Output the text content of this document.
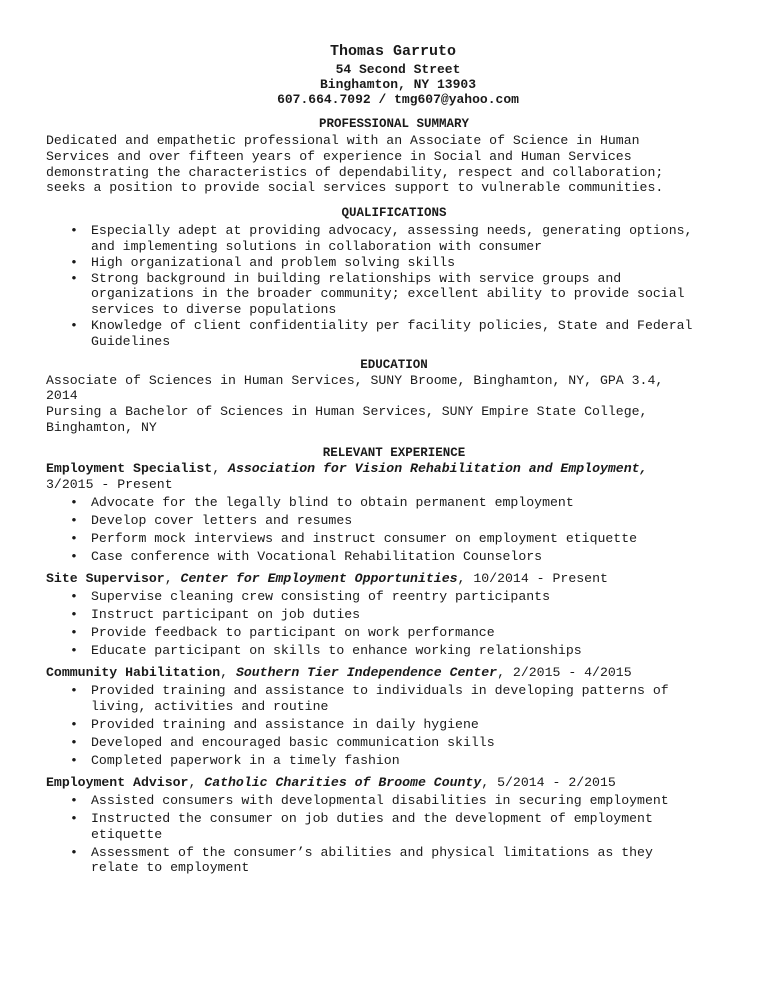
Thomas Garruto
54 Second Street
Binghamton, NY 13903
607.664.7092 / tmg607@yahoo.com
PROFESSIONAL SUMMARY
Dedicated and empathetic professional with an Associate of Science in Human
Services and over fifteen years of experience in Social and Human Services
demonstrating the characteristics of dependability, respect and collaboration;
seeks a position to provide social services support to vulnerable communities.
QUALIFICATIONS
• Especially adept at providing advocacy, assessing needs, generating options,
and implementing solutions in collaboration with consumer
• High organizational and problem solving skills
• Strong background in building relationships with service groups and
organizations in the broader community; excellent ability to provide social
services to diverse populations
• Knowledge of client confidentiality per facility policies, State and Federal
Guidelines
EDUCATION
Associate of Sciences in Human Services, SUNY Broome, Binghamton, NY, GPA 3.4,
2014
Pursing a Bachelor of Sciences in Human Services, SUNY Empire State College,
Binghamton, NY
RELEVANT EXPERIENCE
Employment Specialist, Association for Vision Rehabilitation and Employment,
3/2015 - Present
• Advocate for the legally blind to obtain permanent employment
• Develop cover letters and resumes
• Perform mock interviews and instruct consumer on employment etiquette
• Case conference with Vocational Rehabilitation Counselors
Site Supervisor, Center for Employment Opportunities, 10/2014 - Present
• Supervise cleaning crew consisting of reentry participants
• Instruct participant on job duties
• Provide feedback to participant on work performance
• Educate participant on skills to enhance working relationships
Community Habilitation, Southern Tier Independence Center, 2/2015 - 4/2015
• Provided training and assistance to individuals in developing patterns of
living, activities and routine
• Provided training and assistance in daily hygiene
• Developed and encouraged basic communication skills
• Completed paperwork in a timely fashion
Employment Advisor, Catholic Charities of Broome County, 5/2014 - 2/2015
• Assisted consumers with developmental disabilities in securing employment
• Instructed the consumer on job duties and the development of employment
etiquette
• Assessment of the consumer’s abilities and physical limitations as they
relate to employment
